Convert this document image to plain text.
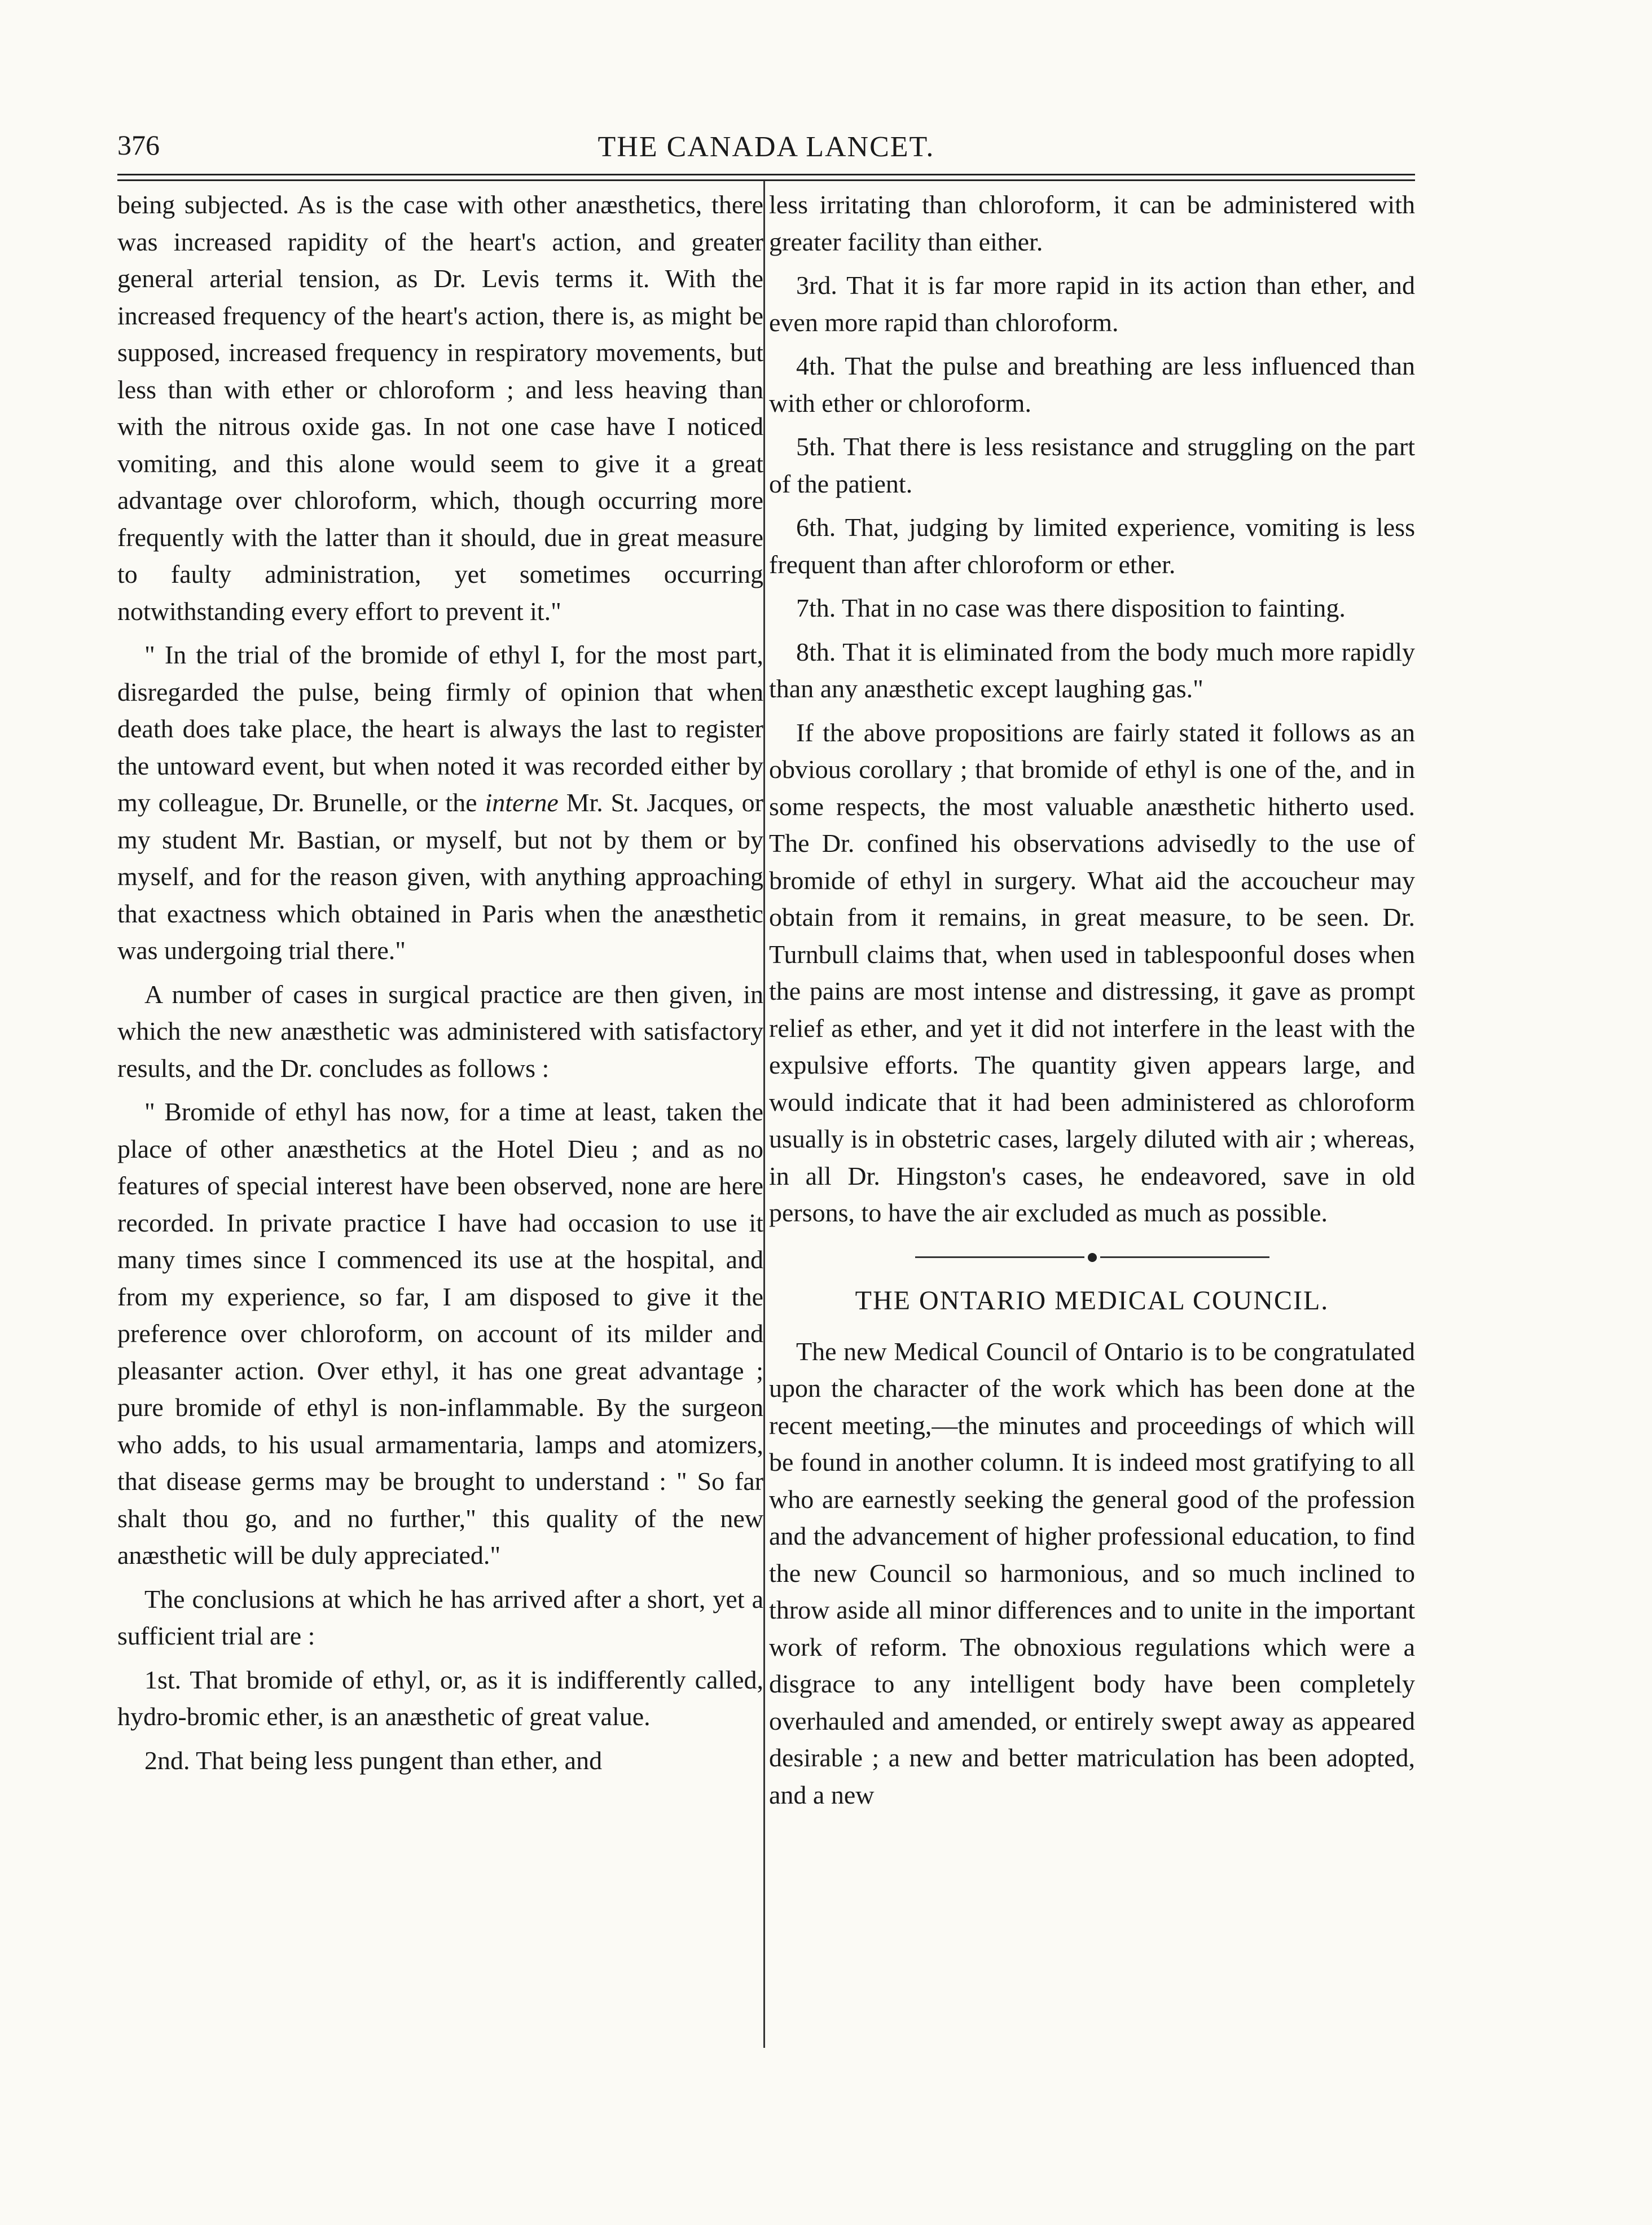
376	THE CANADA LANCET.

being subjected. As is the case with other anæsthetics, there was increased rapidity of the heart's action, and greater general arterial tension, as Dr. Levis terms it. With the increased frequency of the heart's action, there is, as might be supposed, increased frequency in respiratory movements, but less than with ether or chloroform ; and less heaving than with the nitrous oxide gas. In not one case have I noticed vomiting, and this alone would seem to give it a great advantage over chloroform, which, though occurring more frequently with the latter than it should, due in great measure to faulty administration, yet sometimes occurring notwithstanding every effort to prevent it."

" In the trial of the bromide of ethyl I, for the most part, disregarded the pulse, being firmly of opinion that when death does take place, the heart is always the last to register the untoward event, but when noted it was recorded either by my colleague, Dr. Brunelle, or the interne Mr. St. Jacques, or my student Mr. Bastian, or myself, but not by them or by myself, and for the reason given, with anything approaching that exactness which obtained in Paris when the anæsthetic was undergoing trial there."

A number of cases in surgical practice are then given, in which the new anæsthetic was administered with satisfactory results, and the Dr. concludes as follows :

" Bromide of ethyl has now, for a time at least, taken the place of other anæsthetics at the Hotel Dieu ; and as no features of special interest have been observed, none are here recorded. In private practice I have had occasion to use it many times since I commenced its use at the hospital, and from my experience, so far, I am disposed to give it the preference over chloroform, on account of its milder and pleasanter action. Over ethyl, it has one great advantage ; pure bromide of ethyl is non-inflammable. By the surgeon who adds, to his usual armamentaria, lamps and atomizers, that disease germs may be brought to understand : " So far shalt thou go, and no further," this quality of the new anæsthetic will be duly appreciated."

The conclusions at which he has arrived after a short, yet a sufficient trial are :

1st. That bromide of ethyl, or, as it is indifferently called, hydro-bromic ether, is an anæsthetic of great value.

2nd. That being less pungent than ether, and

less irritating than chloroform, it can be administered with greater facility than either.

3rd. That it is far more rapid in its action than ether, and even more rapid than chloroform.

4th. That the pulse and breathing are less influenced than with ether or chloroform.

5th. That there is less resistance and struggling on the part of the patient.

6th. That, judging by limited experience, vomiting is less frequent than after chloroform or ether.

7th. That in no case was there disposition to fainting.

8th. That it is eliminated from the body much more rapidly than any anæsthetic except laughing gas."

If the above propositions are fairly stated it follows as an obvious corollary ; that bromide of ethyl is one of the, and in some respects, the most valuable anæsthetic hitherto used. The Dr. confined his observations advisedly to the use of bromide of ethyl in surgery. What aid the accoucheur may obtain from it remains, in great measure, to be seen. Dr. Turnbull claims that, when used in tablespoonful doses when the pains are most intense and distressing, it gave as prompt relief as ether, and yet it did not interfere in the least with the expulsive efforts. The quantity given appears large, and would indicate that it had been administered as chloroform usually is in obstetric cases, largely diluted with air ; whereas, in all Dr. Hingston's cases, he endeavored, save in old persons, to have the air excluded as much as possible.

THE ONTARIO MEDICAL COUNCIL.

The new Medical Council of Ontario is to be congratulated upon the character of the work which has been done at the recent meeting,—the minutes and proceedings of which will be found in another column. It is indeed most gratifying to all who are earnestly seeking the general good of the profession and the advancement of higher professional education, to find the new Council so harmonious, and so much inclined to throw aside all minor differences and to unite in the important work of reform. The obnoxious regulations which were a disgrace to any intelligent body have been completely overhauled and amended, or entirely swept away as appeared desirable ; a new and better matriculation has been adopted, and a new
